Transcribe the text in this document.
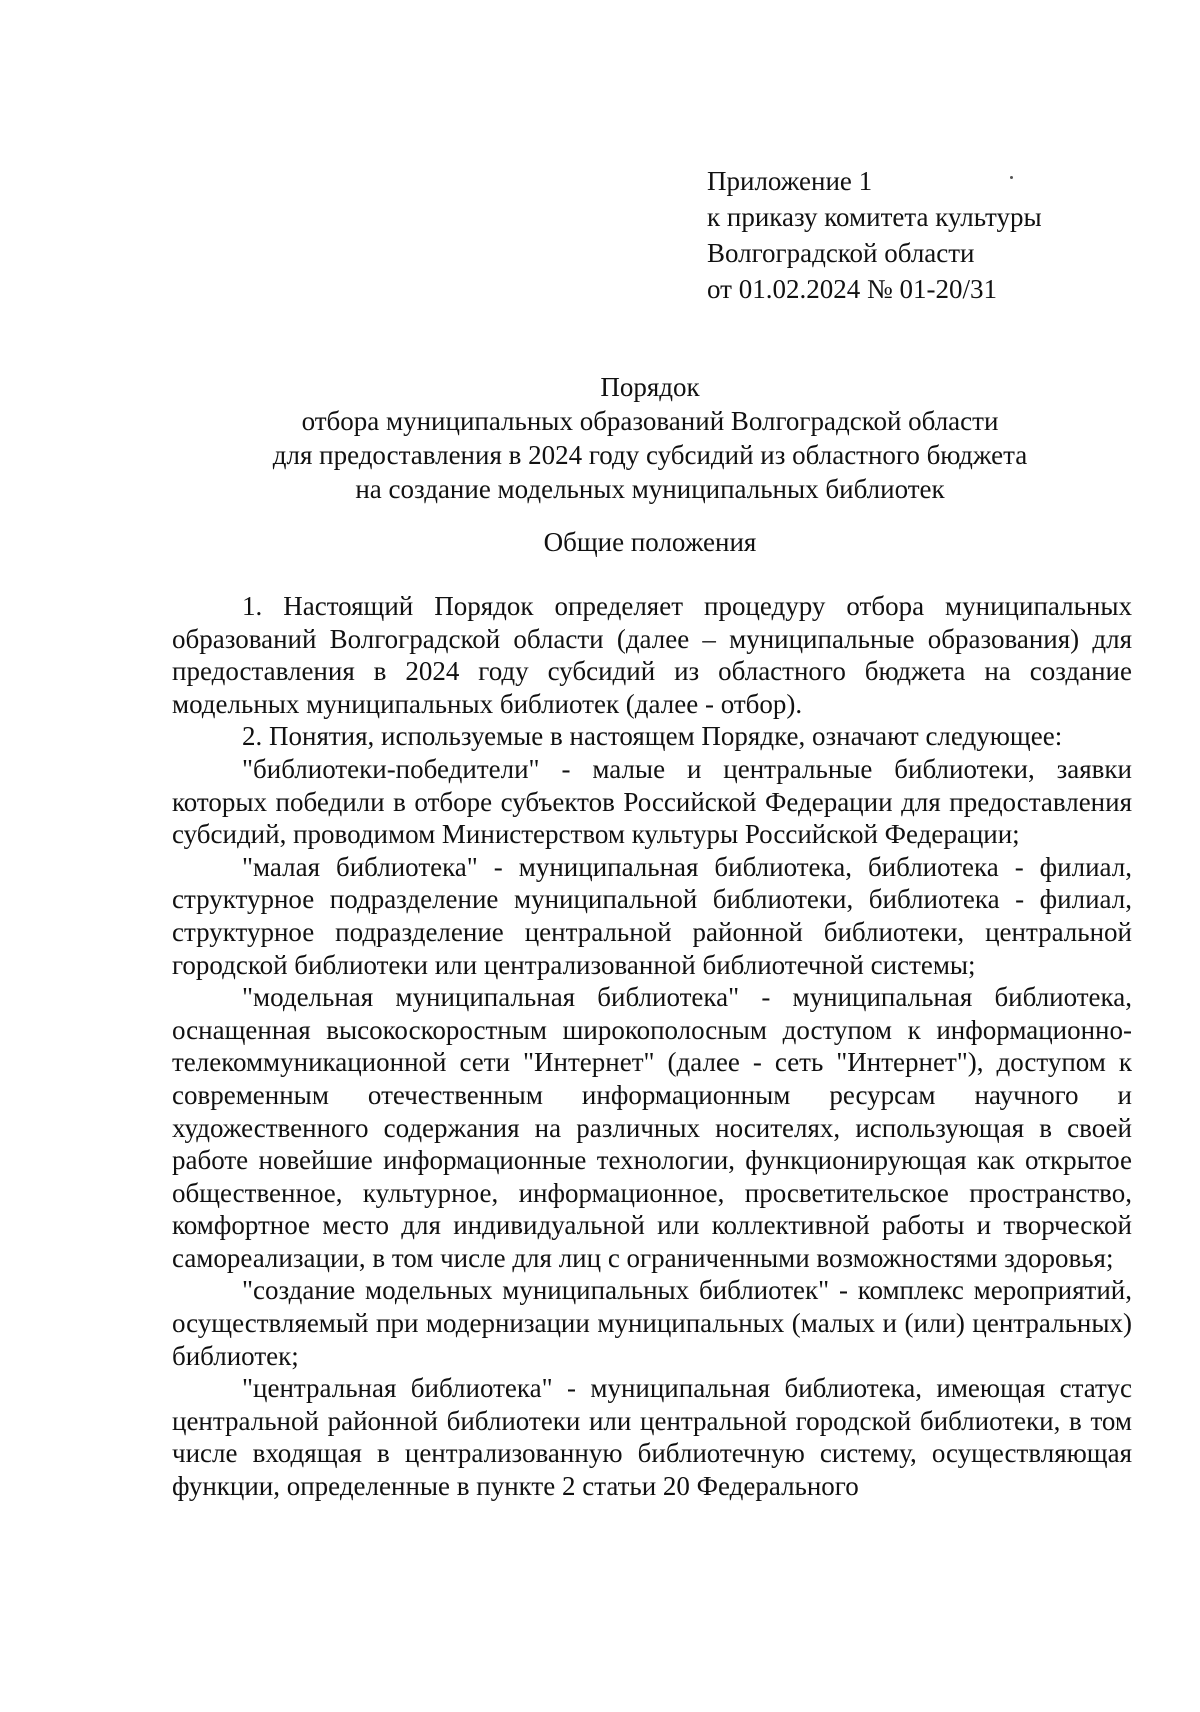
Приложение 1
к приказу комитета культуры
Волгоградской области
от 01.02.2024 № 01-20/31
Порядок
отбора муниципальных образований Волгоградской области
для предоставления в 2024 году субсидий из областного бюджета
на создание модельных муниципальных библиотек
Общие положения

1. Настоящий Порядок определяет процедуру отбора муниципальных образований Волгоградской области (далее – муниципальные образования) для предоставления в 2024 году субсидий из областного бюджета на создание модельных муниципальных библиотек (далее - отбор).

2. Понятия, используемые в настоящем Порядке, означают следующее:

"библиотеки-победители" - малые и центральные библиотеки, заявки которых победили в отборе субъектов Российской Федерации для предоставления субсидий, проводимом Министерством культуры Российской Федерации;

"малая библиотека" - муниципальная библиотека, библиотека - филиал, структурное подразделение муниципальной библиотеки, библиотека - филиал, структурное подразделение центральной районной библиотеки, центральной городской библиотеки или централизованной библиотечной системы;

"модельная муниципальная библиотека" - муниципальная библиотека, оснащенная высокоскоростным широкополосным доступом к информационно-телекоммуникационной сети "Интернет" (далее - сеть "Интернет"), доступом к современным отечественным информационным ресурсам научного и художественного содержания на различных носителях, использующая в своей работе новейшие информационные технологии, функционирующая как открытое общественное, культурное, информационное, просветительское пространство, комфортное место для индивидуальной или коллективной работы и творческой самореализации, в том числе для лиц с ограниченными возможностями здоровья;

"создание модельных муниципальных библиотек" - комплекс мероприятий, осуществляемый при модернизации муниципальных (малых и (или) центральных) библиотек;

"центральная библиотека" - муниципальная библиотека, имеющая статус центральной районной библиотеки или центральной городской библиотеки, в том числе входящая в централизованную библиотечную систему, осуществляющая функции, определенные в пункте 2 статьи 20 Федерального
